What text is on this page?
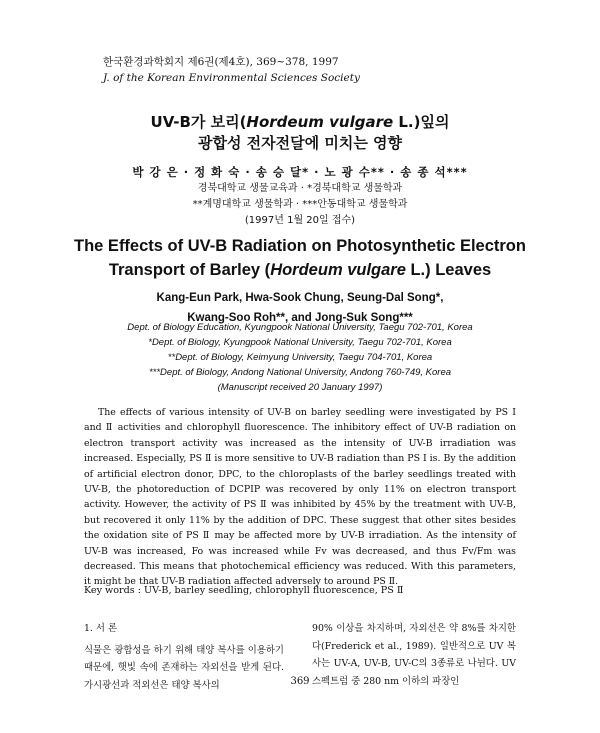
한국환경과학회지 제6권(제4호), 369~378, 1997
J. of the Korean Environmental Sciences Society
UV-B가 보리(Hordeum vulgare L.)잎의
광합성 전자전달에 미치는 영향
박 강 은 · 정 화 숙 · 송 승 달* · 노 광 수** · 송 종 석***
경북대학교 생물교육과 · *경북대학교 생물학과
**계명대학교 생물학과 · ***안동대학교 생물학과
(1997년 1월 20일 접수)
The Effects of UV-B Radiation on Photosynthetic Electron
Transport of Barley (Hordeum vulgare L.) Leaves
Kang-Eun Park, Hwa-Sook Chung, Seung-Dal Song*,
Kwang-Soo Roh**, and Jong-Suk Song***
Dept. of Biology Education, Kyungpook National University, Taegu 702-701, Korea
*Dept. of Biology, Kyungpook National University, Taegu 702-701, Korea
**Dept. of Biology, Keimyung University, Taegu 704-701, Korea
***Dept. of Biology, Andong National University, Andong 760-749, Korea
(Manuscript received 20 January 1997)

The effects of various intensity of UV-B on barley seedling were investigated by PS Ⅰ and Ⅱ activities and chlorophyll fluorescence. The inhibitory effect of UV-B radiation on electron transport activity was increased as the intensity of UV-B irradiation was increased. Especially, PS Ⅱ is more sensitive to UV-B radiation than PS Ⅰ is. By the addition of artificial electron donor, DPC, to the chloroplasts of the barley seedlings treated with UV-B, the photoreduction of DCPIP was recovered by only 11% on electron transport activity. However, the activity of PS Ⅱ was inhibited by 45% by the treatment with UV-B, but recovered it only 11% by the addition of DPC. These suggest that other sites besides the oxidation site of PS Ⅱ may be affected more by UV-B irradiation. As the intensity of UV-B was increased, Fo was increased while Fv was decreased, and thus Fv/Fm was decreased. This means that photochemical efficiency was reduced. With this parameters, it might be that UV-B radiation affected adversely to around PS Ⅱ.

Key words : UV-B, barley seedling, chlorophyll fluorescence, PS Ⅱ
1. 서 론

식물은 광합성을 하기 위해 태양 복사를 이용하기 때문에, 햇빛 속에 존재하는 자외선을 받게 된다. 가시광선과 적외선은 태양 복사의

90% 이상을 차지하며, 자외선은 약 8%를 차지한다(Frederick et al., 1989). 일반적으로 UV 복사는 UV-A, UV-B, UV-C의 3종류로 나뉜다. UV 스펙트럼 중 280 nm 이하의 파장인

369
